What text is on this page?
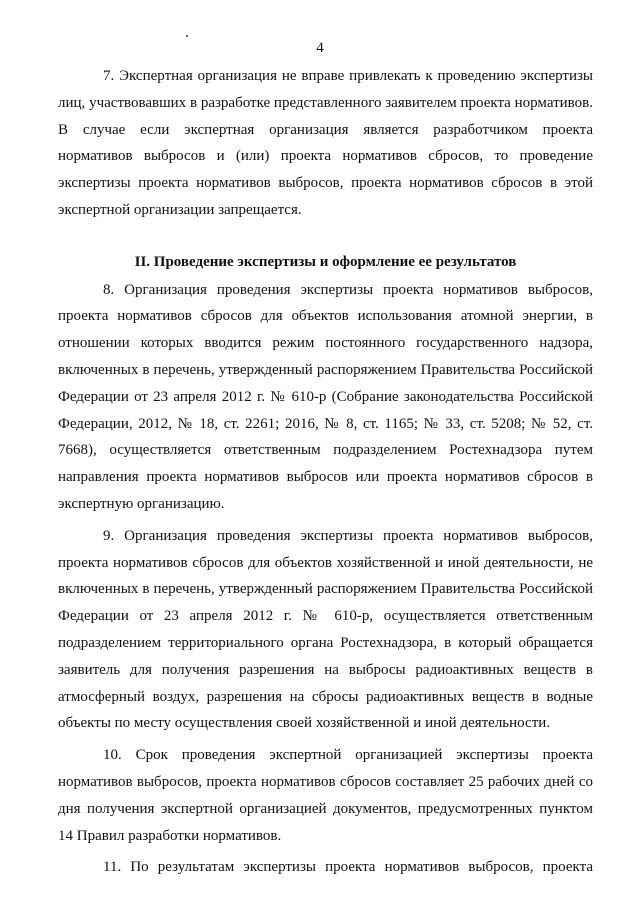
4

7. Экспертная организация не вправе привлекать к проведению экспертизы лиц, участвовавших в разработке представленного заявителем проекта нормативов. В случае если экспертная организация является разработчиком проекта нормативов выбросов и (или) проекта нормативов сбросов, то проведение экспертизы проекта нормативов выбросов, проекта нормативов сбросов в этой экспертной организации запрещается.

II. Проведение экспертизы и оформление ее результатов

8. Организация проведения экспертизы проекта нормативов выбросов, проекта нормативов сбросов для объектов использования атомной энергии, в отношении которых вводится режим постоянного государственного надзора, включенных в перечень, утвержденный распоряжением Правительства Российской Федерации от 23 апреля 2012 г. № 610-р (Собрание законодательства Российской Федерации, 2012, № 18, ст. 2261; 2016, № 8, ст. 1165; № 33, ст. 5208; № 52, ст. 7668), осуществляется ответственным подразделением Ростехнадзора путем направления проекта нормативов выбросов или проекта нормативов сбросов в экспертную организацию.

9. Организация проведения экспертизы проекта нормативов выбросов, проекта нормативов сбросов для объектов хозяйственной и иной деятельности, не включенных в перечень, утвержденный распоряжением Правительства Российской Федерации от 23 апреля 2012 г. № 610-р, осуществляется ответственным подразделением территориального органа Ростехнадзора, в который обращается заявитель для получения разрешения на выбросы радиоактивных веществ в атмосферный воздух, разрешения на сбросы радиоактивных веществ в водные объекты по месту осуществления своей хозяйственной и иной деятельности.

10. Срок проведения экспертной организацией экспертизы проекта нормативов выбросов, проекта нормативов сбросов составляет 25 рабочих дней со дня получения экспертной организацией документов, предусмотренных пунктом 14 Правил разработки нормативов.

11. По результатам экспертизы проекта нормативов выбросов, проекта
